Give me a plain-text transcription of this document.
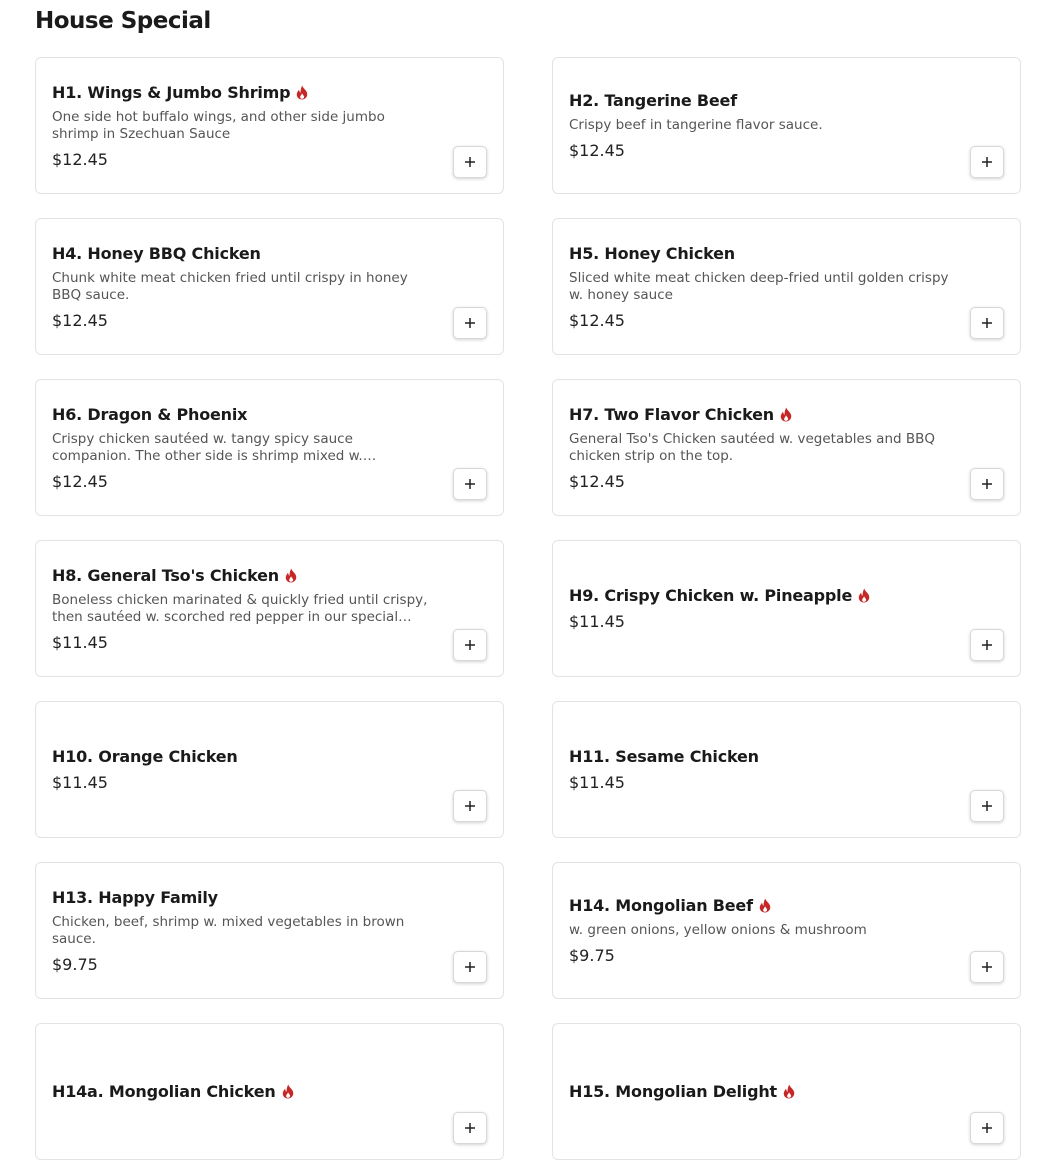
House Special
H1. Wings & Jumbo Shrimp
One side hot buffalo wings, and other side jumbo shrimp in Szechuan Sauce
$12.45
H2. Tangerine Beef
Crispy beef in tangerine flavor sauce.
$12.45
H4. Honey BBQ Chicken
Chunk white meat chicken fried until crispy in honey BBQ sauce.
$12.45
H5. Honey Chicken
Sliced white meat chicken deep-fried until golden crispy w. honey sauce
$12.45
H6. Dragon & Phoenix
Crispy chicken sautéed w. tangy spicy sauce companion. The other side is shrimp mixed w.
$12.45
H7. Two Flavor Chicken
General Tso's Chicken sautéed w. vegetables and BBQ chicken strip on the top.
$12.45
H8. General Tso's Chicken
Boneless chicken marinated & quickly fried until crispy, then sautéed w. scorched red pepper in our special
$11.45
H9. Crispy Chicken w. Pineapple
$11.45
H10. Orange Chicken
$11.45
H11. Sesame Chicken
$11.45
H13. Happy Family
Chicken, beef, shrimp w. mixed vegetables in brown sauce.
$9.75
H14. Mongolian Beef
w. green onions, yellow onions & mushroom
$9.75
H14a. Mongolian Chicken	H15. Mongolian Delight
